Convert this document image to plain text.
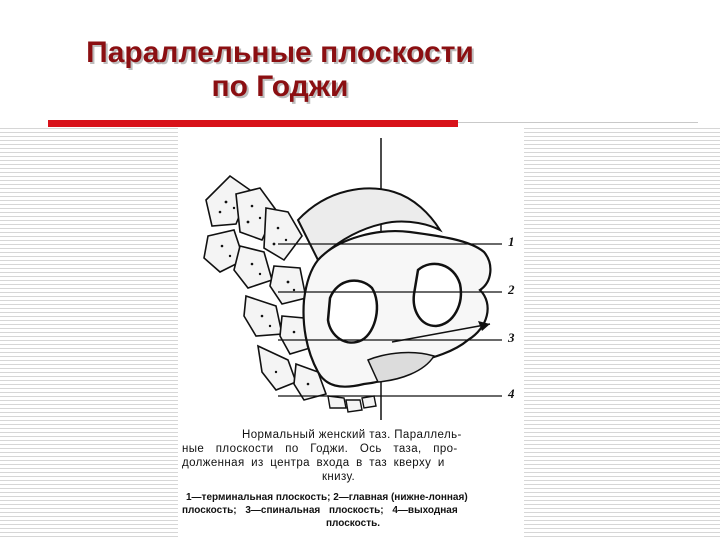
Параллельные плоскости
по Годжи
1
2
3
4
Нормальный женский таз. Параллель-
ные плоскости по Годжи. Ось таза, про-
долженная из центра входа в таз кверху и
книзу.
1—терминальная плоскость; 2—главная (нижне-лонная)
плоскость; 3—спинальная плоскость; 4—выходная
плоскость.
